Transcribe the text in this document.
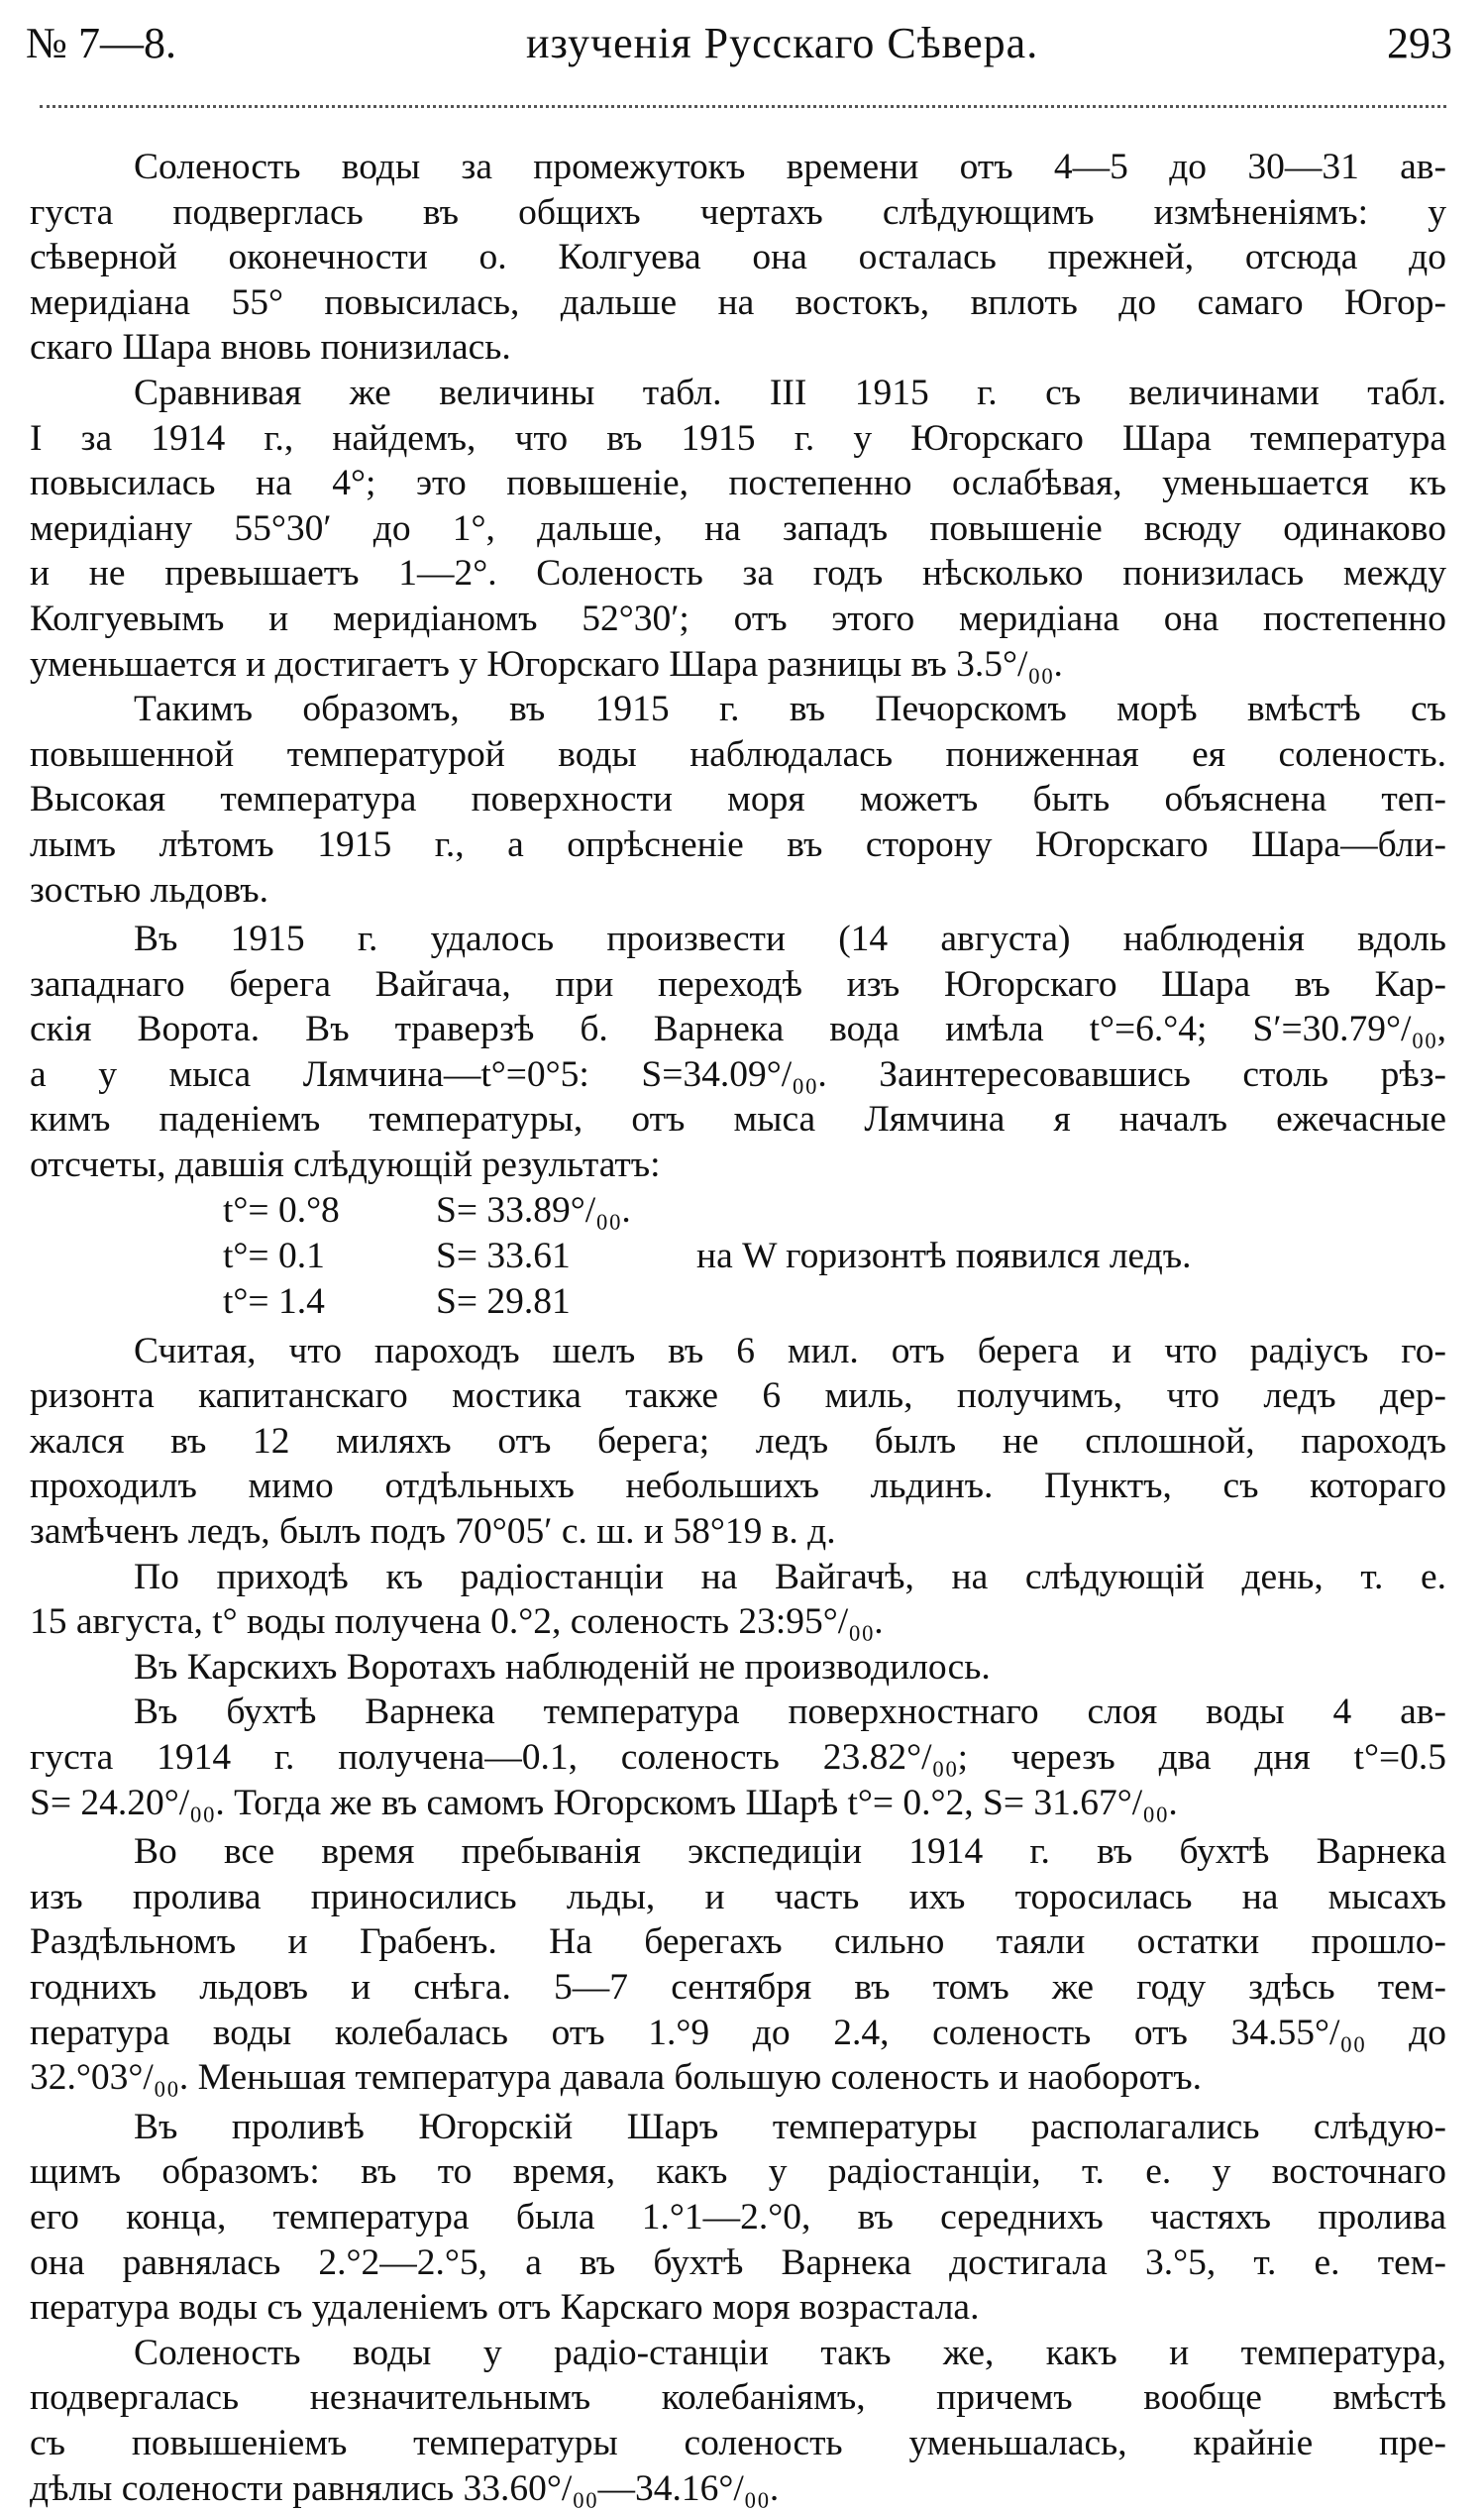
№ 7—8.	изученія Русскаго Сѣвера.	293

Соленость воды за промежутокъ времени отъ 4—5 до 30—31 ав-

густа подверглась въ общихъ чертахъ слѣдующимъ измѣненіямъ: у

сѣверной оконечности о. Колгуева она осталась прежней, отсюда до

меридіана 55° повысилась, дальше на востокъ, вплоть до самаго Югор-

скаго Шара вновь понизилась.

Сравнивая же величины табл. III 1915 г. съ величинами табл.

I за 1914 г., найдемъ, что въ 1915 г. у Югорскаго Шара температура

повысилась на 4°; это повышеніе, постепенно ослабѣвая, уменьшается къ

меридіану 55°30′ до 1°, дальше, на западъ повышеніе всюду одинаково

и не превышаетъ 1—2°. Соленость за годъ нѣсколько понизилась между

Колгуевымъ и меридіаномъ 52°30′; отъ этого меридіана она постепенно

уменьшается и достигаетъ у Югорскаго Шара разницы въ 3.5°/₀₀.

Такимъ образомъ, въ 1915 г. въ Печорскомъ морѣ вмѣстѣ съ

повышенной температурой воды наблюдалась пониженная ея соленость.

Высокая температура поверхности моря можетъ быть объяснена теп-

лымъ лѣтомъ 1915 г., а опрѣсненіе въ сторону Югорскаго Шара—бли-

зостью льдовъ.

Въ 1915 г. удалось произвести (14 августа) наблюденія вдоль

западнаго берега Вайгача, при переходѣ изъ Югорскаго Шара въ Кар-

скія Ворота. Въ траверзѣ б. Варнека вода имѣла t°=6.°4; S′=30.79°/₀₀,

а у мыса Лямчина—t°=0°5: S=34.09°/₀₀. Заинтересовавшись столь рѣз-

кимъ паденіемъ температуры, отъ мыса Лямчина я началъ ежечасные

отсчеты, давшія слѣдующій результатъ:

t°= 0.°8	S= 33.89°/₀₀.
t°= 0.1	S= 33.61	на W горизонтѣ появился ледъ.
t°= 1.4	S= 29.81

Считая, что пароходъ шелъ въ 6 мил. отъ берега и что радіусъ го-

ризонта капитанскаго мостика также 6 миль, получимъ, что ледъ дер-

жался въ 12 миляхъ отъ берега; ледъ былъ не сплошной, пароходъ

проходилъ мимо отдѣльныхъ небольшихъ льдинъ. Пунктъ, съ котораго

замѣченъ ледъ, былъ подъ 70°05′ с. ш. и 58°19 в. д.

По приходѣ къ радіостанціи на Вайгачѣ, на слѣдующій день, т. е.

15 августа, t° воды получена 0.°2, соленость 23:95°/₀₀.

Въ Карскихъ Воротахъ наблюденій не производилось.

Въ бухтѣ Варнека температура поверхностнаго слоя воды 4 ав-

густа 1914 г. получена—0.1, соленость 23.82°/₀₀; черезъ два дня t°=0.5

S= 24.20°/₀₀. Тогда же въ самомъ Югорскомъ Шарѣ t°= 0.°2, S= 31.67°/₀₀.

Во все время пребыванія экспедиціи 1914 г. въ бухтѣ Варнека

изъ пролива приносились льды, и часть ихъ торосилась на мысахъ

Раздѣльномъ и Грабенъ. На берегахъ сильно таяли остатки прошло-

годнихъ льдовъ и снѣга. 5—7 сентября въ томъ же году здѣсь тем-

пература воды колебалась отъ 1.°9 до 2.4, соленость отъ 34.55°/₀₀ до

32.°03°/₀₀. Меньшая температура давала большую соленость и наоборотъ.

Въ проливѣ Югорскій Шаръ температуры располагались слѣдую-

щимъ образомъ: въ то время, какъ у радіостанціи, т. е. у восточнаго

его конца, температура была 1.°1—2.°0, въ середнихъ частяхъ пролива

она равнялась 2.°2—2.°5, а въ бухтѣ Варнека достигала 3.°5, т. е. тем-

пература воды съ удаленіемъ отъ Карскаго моря возрастала.

Соленость воды у радіо-станціи такъ же, какъ и температура,

подвергалась незначительнымъ колебаніямъ, причемъ вообще вмѣстѣ

съ повышеніемъ температуры соленость уменьшалась, крайніе пре-

дѣлы солености равнялись 33.60°/₀₀—34.16°/₀₀.
